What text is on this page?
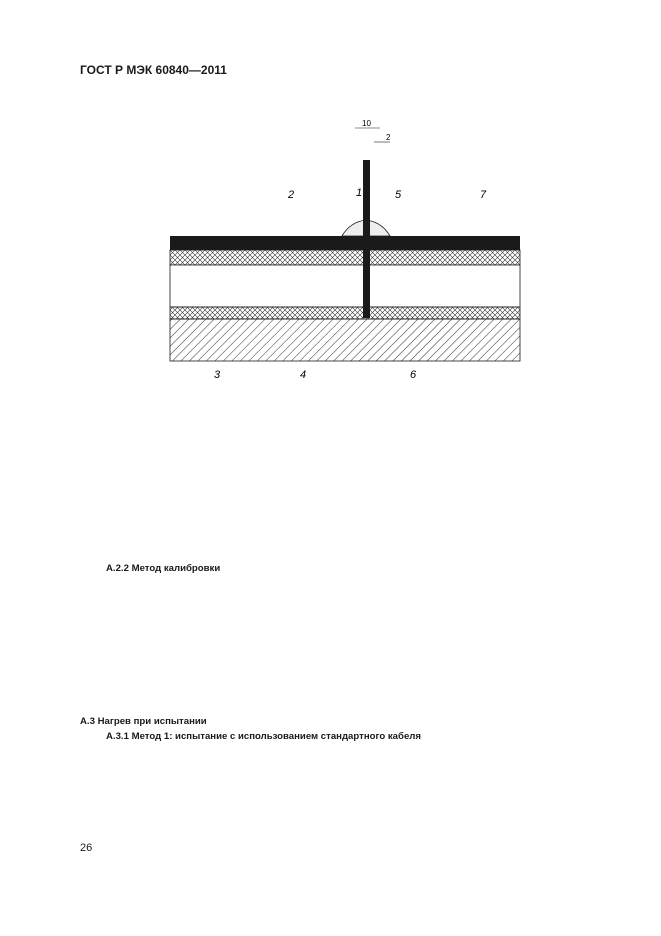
ГОСТ Р МЭК 60840—2011
10
2
2	1	5	7
3	4	6
А.2.2 Метод калибровки
А.3 Нагрев при испытании
А.3.1 Метод 1: испытание с использованием стандартного кабеля
26
